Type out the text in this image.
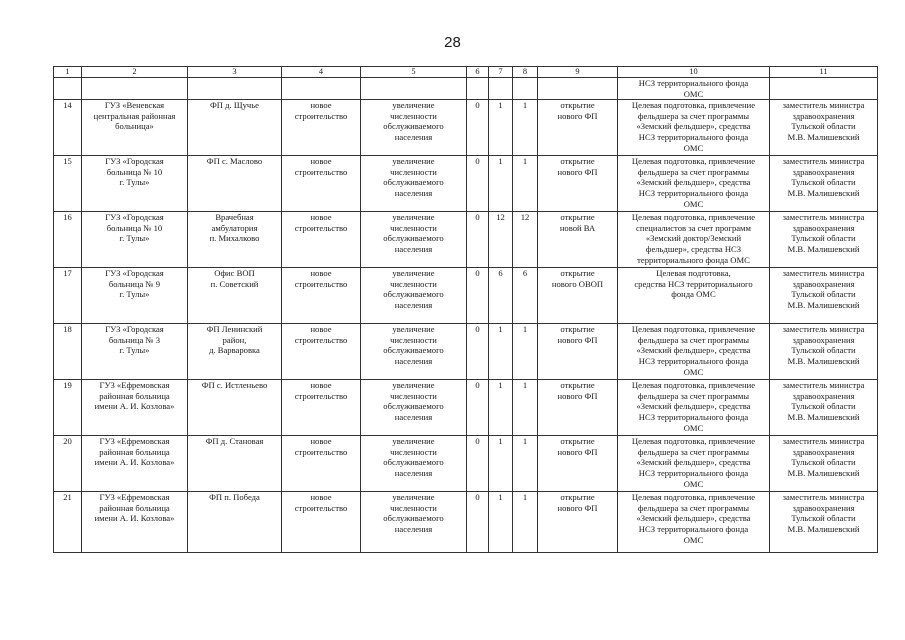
28
1	2	3	4	5	6	7	8	9	10	11

									НСЗ территориального фонда
ОМС	

14	ГУЗ «Веневская
центральная районная
больница»	ФП д. Щучье	новое
строительство	увеличение
численности
обслуживаемого
населения	0	1	1	открытие
нового ФП	Целевая подготовка, привлечение
фельдшера за счет программы
«Земский фельдшер», средства
НСЗ территориального фонда
ОМС	заместитель министра
здравоохранения
Тульской области
М.В. Малишевский

15	ГУЗ «Городская
больница № 10
г. Тулы»	ФП с. Маслово	новое
строительство	увеличение
численности
обслуживаемого
населения	0	1	1	открытие
нового ФП	Целевая подготовка, привлечение
фельдшера за счет программы
«Земский фельдшер», средства
НСЗ территориального фонда
ОМС	заместитель министра
здравоохранения
Тульской области
М.В. Малишевский

16	ГУЗ «Городская
больница № 10
г. Тулы»	Врачебная
амбулатория
п. Михалково	новое
строительство	увеличение
численности
обслуживаемого
населения	0	12	12	открытие
новой ВА	Целевая подготовка, привлечение
специалистов за счет программ
«Земский доктор/Земский
фельдшер», средства НСЗ
территориального фонда ОМС	заместитель министра
здравоохранения
Тульской области
М.В. Малишевский

17	ГУЗ «Городская
больница № 9
г. Тулы»	Офис ВОП
п. Советский	новое
строительство	увеличение
численности
обслуживаемого
населения	0	6	6	открытие
нового ОВОП	Целевая подготовка,
средства НСЗ территориального
фонда ОМС	заместитель министра
здравоохранения
Тульской области
М.В. Малишевский

18	ГУЗ «Городская
больница № 3
г. Тулы»	ФП Ленинский
район,
д. Варваровка	новое
строительство	увеличение
численности
обслуживаемого
населения	0	1	1	открытие
нового ФП	Целевая подготовка, привлечение
фельдшера за счет программы
«Земский фельдшер», средства
НСЗ территориального фонда
ОМС	заместитель министра
здравоохранения
Тульской области
М.В. Малишевский

19	ГУЗ «Ефремовская
районная больница
имени А. И. Козлова»	ФП с. Истленьево	новое
строительство	увеличение
численности
обслуживаемого
населения	0	1	1	открытие
нового ФП	Целевая подготовка, привлечение
фельдшера за счет программы
«Земский фельдшер», средства
НСЗ территориального фонда
ОМС	заместитель министра
здравоохранения
Тульской области
М.В. Малишевский

20	ГУЗ «Ефремовская
районная больница
имени А. И. Козлова»	ФП д. Становая	новое
строительство	увеличение
численности
обслуживаемого
населения	0	1	1	открытие
нового ФП	Целевая подготовка, привлечение
фельдшера за счет программы
«Земский фельдшер», средства
НСЗ территориального фонда
ОМС	заместитель министра
здравоохранения
Тульской области
М.В. Малишевский

21	ГУЗ «Ефремовская
районная больница
имени А. И. Козлова»	ФП п. Победа	новое
строительство	увеличение
численности
обслуживаемого
населения	0	1	1	открытие
нового ФП	Целевая подготовка, привлечение
фельдшера за счет программы
«Земский фельдшер», средства
НСЗ территориального фонда
ОМС	заместитель министра
здравоохранения
Тульской области
М.В. Малишевский
